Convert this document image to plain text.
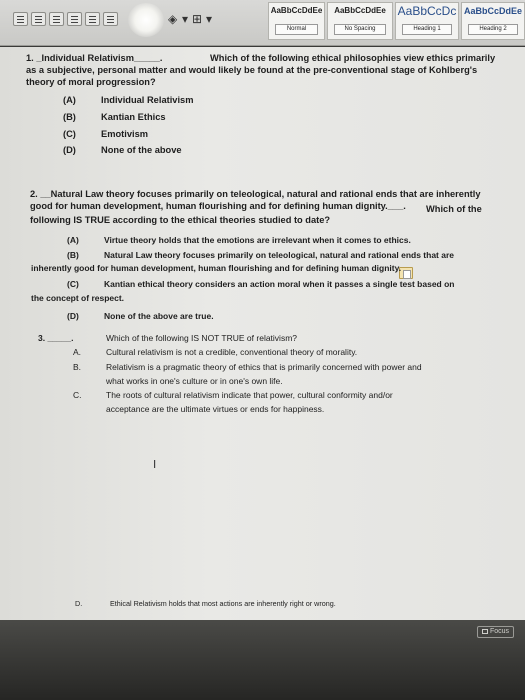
◈ ▾ ⊞ ▾
AaBbCcDdEe
Normal
AaBbCcDdEe
No Spacing
AaBbCcDc
Heading 1
AaBbCcDdEe
Heading 2
1. _Individual Relativism_____.	Which of the following ethical philosophies view ethics primarily
as a subjective, personal matter and would likely be found at the pre-conventional stage of Kohlberg's
theory of moral progression?
(A)	Individual Relativism
(B)	Kantian Ethics
(C)	Emotivism
(D)	None of the above
2. __Natural Law theory focuses primarily on teleological, natural and rational ends that are inherently
good for human development, human flourishing and for defining human dignity.___. Which of the
following IS TRUE according to the ethical theories studied to date?
(A)	Virtue theory holds that the emotions are irrelevant when it comes to ethics.
(B)	Natural Law theory focuses primarily on teleological, natural and rational ends that are
inherently good for human development, human flourishing and for defining human dignity.
(C)	Kantian ethical theory considers an action moral when it passes a single test based on
the concept of respect.
(D)	None of the above are true.
3. _____.	Which of the following IS NOT TRUE of relativism?
A.	Cultural relativism is not a credible, conventional theory of morality.
B.	Relativism is a pragmatic theory of ethics that is primarily concerned with power and
what works in one's culture or in one's own life.
C.	The roots of cultural relativism indicate that power, cultural conformity and/or
acceptance are the ultimate virtues or ends for happiness.
I
D.	Ethical Relativism holds that most actions are inherently right or wrong.
Focus
